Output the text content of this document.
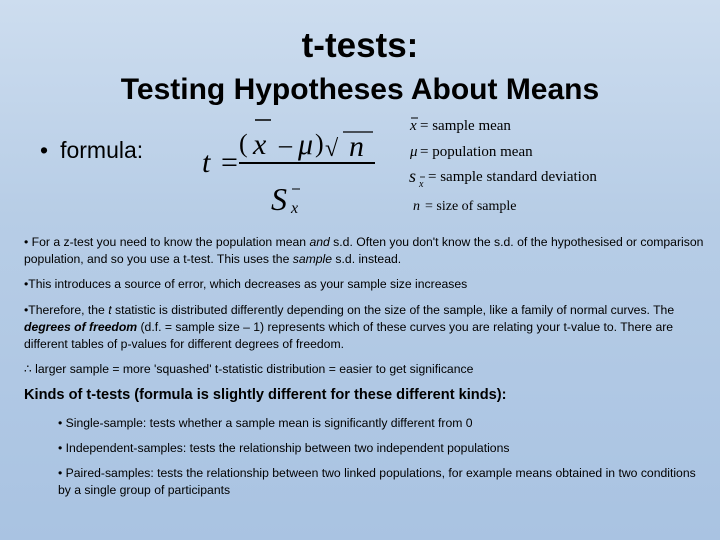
t-tests:
Testing Hypotheses About Means
• formula: t =
( x – μ ) √ n
S x
x = sample mean
μ = population mean
s x = sample standard deviation
n = size of sample
• For a z-test you need to know the population mean and s.d. Often you don't know the s.d. of the hypothesised or comparison population, and so you use a t-test. This uses the sample s.d. instead.
•This introduces a source of error, which decreases as your sample size increases
•Therefore, the t statistic is distributed differently depending on the size of the sample, like a family of normal curves. The degrees of freedom (d.f. = sample size – 1) represents which of these curves you are relating your t-value to. There are different tables of p-values for different degrees of freedom.
∴ larger sample = more 'squashed' t-statistic distribution = easier to get significance
Kinds of t-tests (formula is slightly different for these different kinds):
• Single-sample: tests whether a sample mean is significantly different from 0
• Independent-samples: tests the relationship between two independent populations
• Paired-samples: tests the relationship between two linked populations, for example means obtained in two conditions by a single group of participants
